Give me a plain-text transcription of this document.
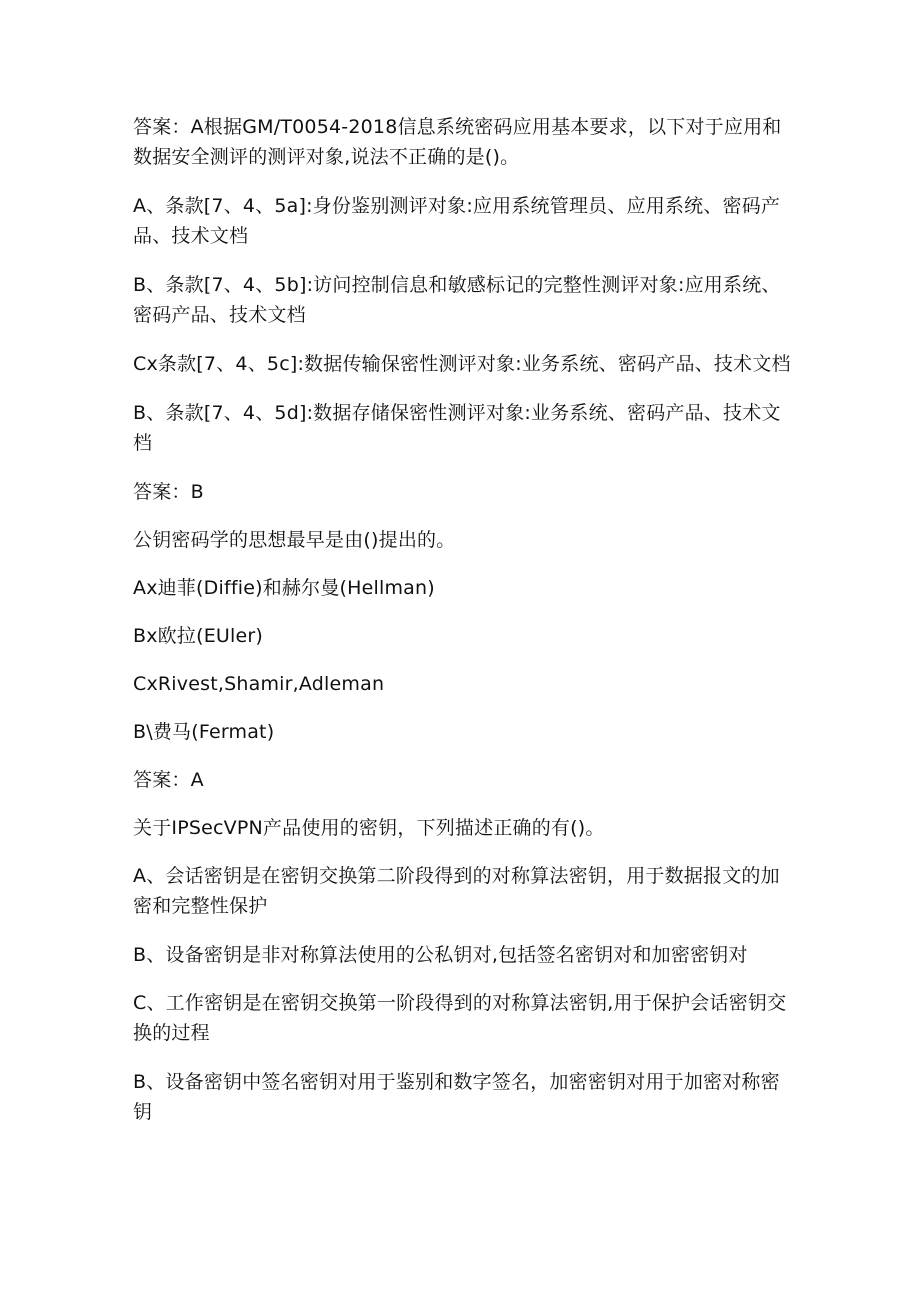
答案：A根据GM/T0054-2018信息系统密码应用基本要求，以下对于应用和数据安全测评的测评对象,说法不正确的是()。

A、条款[7、4、5a]:身份鉴别测评对象:应用系统管理员、应用系统、密码产品、技术文档

B、条款[7、4、5b]:访问控制信息和敏感标记的完整性测评对象:应用系统、密码产品、技术文档

Cx条款[7、4、5c]:数据传输保密性测评对象:业务系统、密码产品、技术文档

B、条款[7、4、5d]:数据存储保密性测评对象:业务系统、密码产品、技术文档

答案：B

公钥密码学的思想最早是由()提出的。

Ax迪菲(Diffie)和赫尔曼(Hellman)

Bx欧拉(EUler)

CxRivest,Shamir,Adleman

B\费马(Fermat)

答案：A

关于IPSecVPN产品使用的密钥，下列描述正确的有()。

A、会话密钥是在密钥交换第二阶段得到的对称算法密钥，用于数据报文的加密和完整性保护

B、设备密钥是非对称算法使用的公私钥对,包括签名密钥对和加密密钥对

C、工作密钥是在密钥交换第一阶段得到的对称算法密钥,用于保护会话密钥交换的过程

B、设备密钥中签名密钥对用于鉴别和数字签名，加密密钥对用于加密对称密钥
